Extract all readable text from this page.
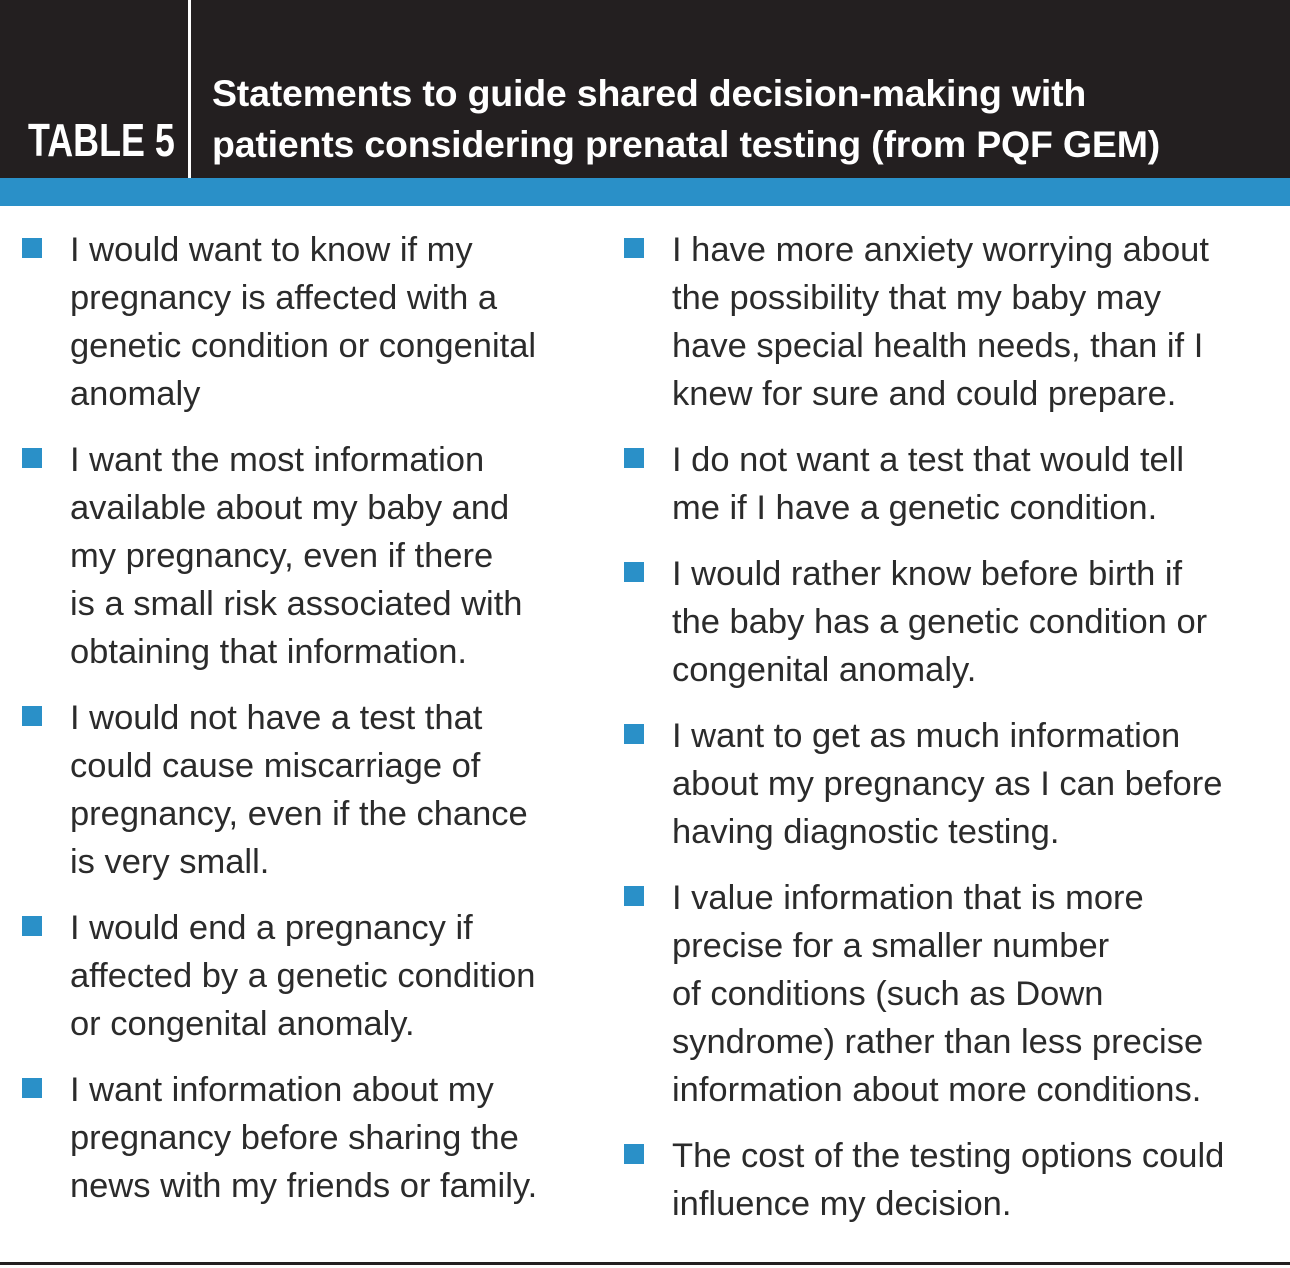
TABLE 5
Statements to guide shared decision-making with
patients considering prenatal testing (from PQF GEM)
I would want to know if my
pregnancy is affected with a
genetic condition or congenital
anomaly
I want the most information
available about my baby and
my pregnancy, even if there
is a small risk associated with
obtaining that information.
I would not have a test that
could cause miscarriage of
pregnancy, even if the chance
is very small.
I would end a pregnancy if
affected by a genetic condition
or congenital anomaly.
I want information about my
pregnancy before sharing the
news with my friends or family.
I have more anxiety worrying about
the possibility that my baby may
have special health needs, than if I
knew for sure and could prepare.
I do not want a test that would tell
me if I have a genetic condition.
I would rather know before birth if
the baby has a genetic condition or
congenital anomaly.
I want to get as much information
about my pregnancy as I can before
having diagnostic testing.
I value information that is more
precise for a smaller number
of conditions (such as Down
syndrome) rather than less precise
information about more conditions.
The cost of the testing options could
influence my decision.
